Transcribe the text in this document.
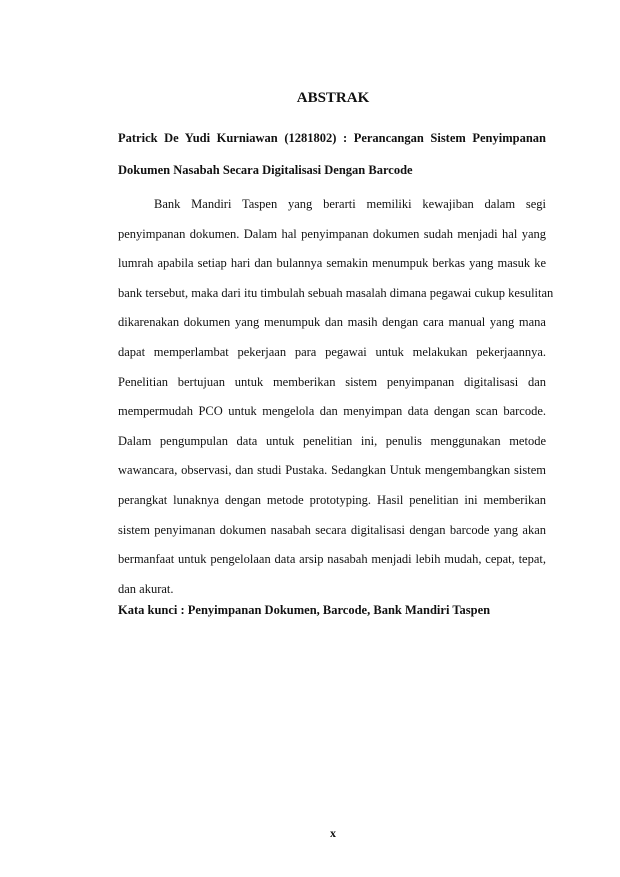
ABSTRAK
Patrick De Yudi Kurniawan (1281802) : Perancangan Sistem Penyimpanan
Dokumen Nasabah Secara Digitalisasi Dengan Barcode
Bank Mandiri Taspen yang berarti memiliki kewajiban dalam segi
penyimpanan dokumen. Dalam hal penyimpanan dokumen sudah menjadi hal yang
lumrah apabila setiap hari dan bulannya semakin menumpuk berkas yang masuk ke
bank tersebut, maka dari itu timbulah sebuah masalah dimana pegawai cukup kesulitan
dikarenakan dokumen yang menumpuk dan masih dengan cara manual yang mana
dapat memperlambat pekerjaan para pegawai untuk melakukan pekerjaannya.
Penelitian bertujuan untuk memberikan sistem penyimpanan digitalisasi dan
mempermudah PCO untuk mengelola dan menyimpan data dengan scan barcode.
Dalam pengumpulan data untuk penelitian ini, penulis menggunakan metode
wawancara, observasi, dan studi Pustaka. Sedangkan Untuk mengembangkan sistem
perangkat lunaknya dengan metode prototyping. Hasil penelitian ini memberikan
sistem penyimanan dokumen nasabah secara digitalisasi dengan barcode yang akan
bermanfaat untuk pengelolaan data arsip nasabah menjadi lebih mudah, cepat, tepat,
dan akurat.
Kata kunci : Penyimpanan Dokumen, Barcode, Bank Mandiri Taspen
x
